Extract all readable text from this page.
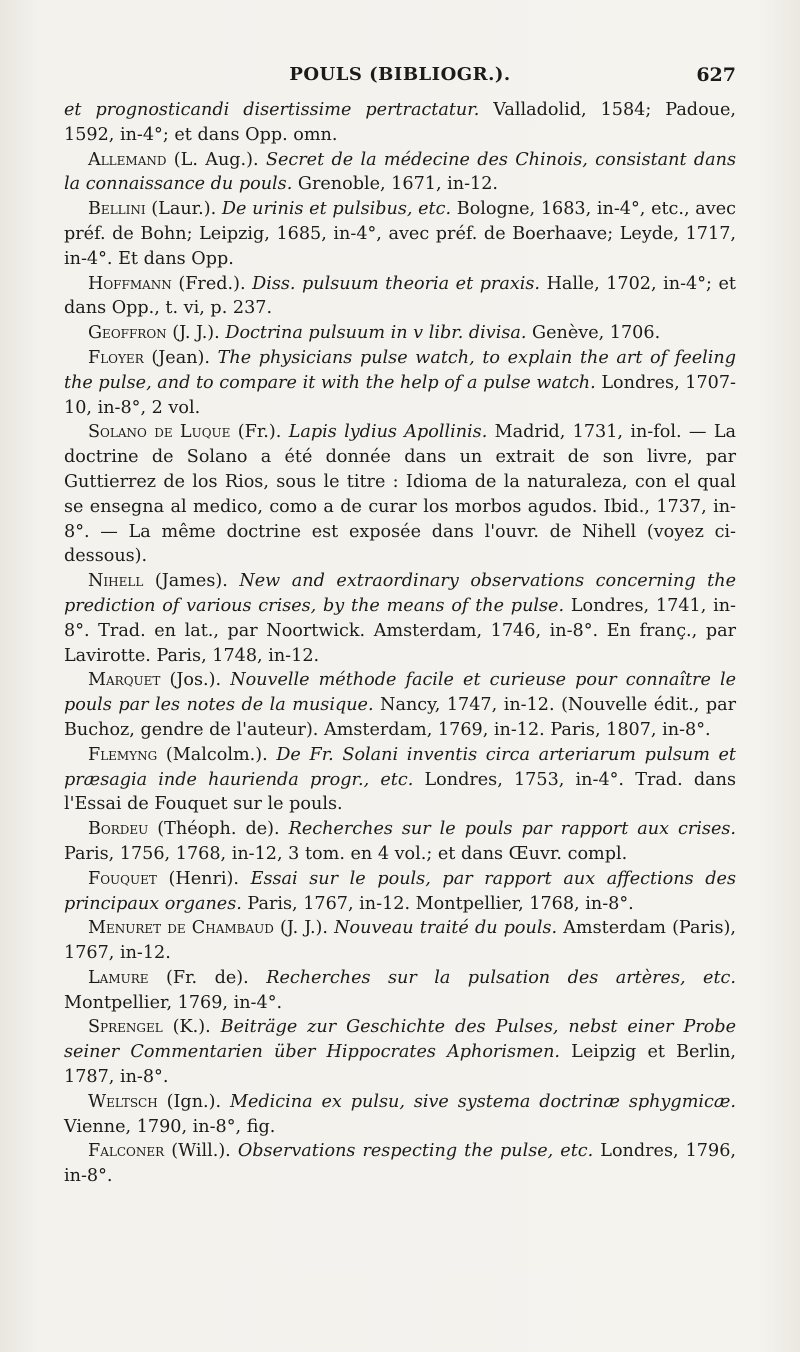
POULS (BIBLIOGR.).	627

et prognosticandi disertissime pertractatur. Valladolid, 1584; Padoue, 1592, in-4°; et dans Opp. omn.

Allemand (L. Aug.). Secret de la médecine des Chinois, consistant dans la connaissance du pouls. Grenoble, 1671, in-12.

Bellini (Laur.). De urinis et pulsibus, etc. Bologne, 1683, in-4°, etc., avec préf. de Bohn; Leipzig, 1685, in-4°, avec préf. de Boerhaave; Leyde, 1717, in-4°. Et dans Opp.

Hoffmann (Fred.). Diss. pulsuum theoria et praxis. Halle, 1702, in-4°; et dans Opp., t. vi, p. 237.

Geoffron (J. J.). Doctrina pulsuum in v libr. divisa. Genève, 1706.

Floyer (Jean). The physicians pulse watch, to explain the art of feeling the pulse, and to compare it with the help of a pulse watch. Londres, 1707-10, in-8°, 2 vol.

Solano de Luque (Fr.). Lapis lydius Apollinis. Madrid, 1731, in-fol. — La doctrine de Solano a été donnée dans un extrait de son livre, par Guttierrez de los Rios, sous le titre : Idioma de la naturaleza, con el qual se ensegna al medico, como a de curar los morbos agudos. Ibid., 1737, in-8°. — La même doctrine est exposée dans l'ouvr. de Nihell (voyez ci-dessous).

Nihell (James). New and extraordinary observations concerning the prediction of various crises, by the means of the pulse. Londres, 1741, in-8°. Trad. en lat., par Noortwick. Amsterdam, 1746, in-8°. En franç., par Lavirotte. Paris, 1748, in-12.

Marquet (Jos.). Nouvelle méthode facile et curieuse pour connaître le pouls par les notes de la musique. Nancy, 1747, in-12. (Nouvelle édit., par Buchoz, gendre de l'auteur). Amsterdam, 1769, in-12. Paris, 1807, in-8°.

Flemyng (Malcolm.). De Fr. Solani inventis circa arteriarum pulsum et præsagia inde haurienda progr., etc. Londres, 1753, in-4°. Trad. dans l'Essai de Fouquet sur le pouls.

Bordeu (Théoph. de). Recherches sur le pouls par rapport aux crises. Paris, 1756, 1768, in-12, 3 tom. en 4 vol.; et dans Œuvr. compl.

Fouquet (Henri). Essai sur le pouls, par rapport aux affections des principaux organes. Paris, 1767, in-12. Montpellier, 1768, in-8°.

Menuret de Chambaud (J. J.). Nouveau traité du pouls. Amsterdam (Paris), 1767, in-12.

Lamure (Fr. de). Recherches sur la pulsation des artères, etc. Montpellier, 1769, in-4°.

Sprengel (K.). Beiträge zur Geschichte des Pulses, nebst einer Probe seiner Commentarien über Hippocrates Aphorismen. Leipzig et Berlin, 1787, in-8°.

Weltsch (Ign.). Medicina ex pulsu, sive systema doctrinæ sphygmicæ. Vienne, 1790, in-8°, fig.

Falconer (Will.). Observations respecting the pulse, etc. Londres, 1796, in-8°.
